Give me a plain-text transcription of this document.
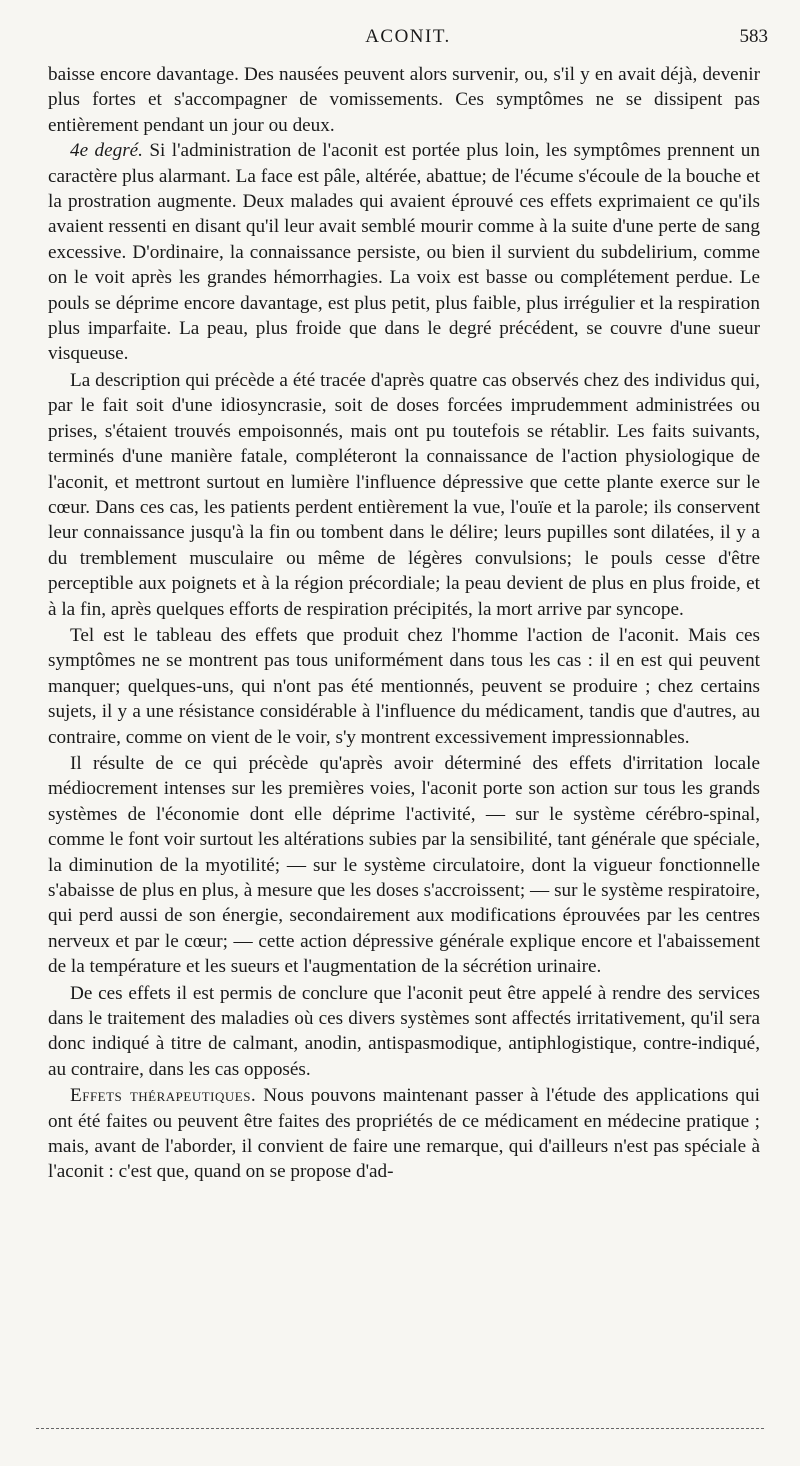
ACONIT.	583

baisse encore davantage. Des nausées peuvent alors survenir, ou, s'il y en avait déjà, devenir plus fortes et s'accompagner de vomissements. Ces symptômes ne se dissipent pas entièrement pendant un jour ou deux.

4e degré. Si l'administration de l'aconit est portée plus loin, les symptômes prennent un caractère plus alarmant. La face est pâle, altérée, abattue; de l'écume s'écoule de la bouche et la prostration augmente. Deux malades qui avaient éprouvé ces effets exprimaient ce qu'ils avaient ressenti en disant qu'il leur avait semblé mourir comme à la suite d'une perte de sang excessive. D'ordinaire, la connaissance persiste, ou bien il survient du subdelirium, comme on le voit après les grandes hémorrhagies. La voix est basse ou complétement perdue. Le pouls se déprime encore davantage, est plus petit, plus faible, plus irrégulier et la respiration plus imparfaite. La peau, plus froide que dans le degré précédent, se couvre d'une sueur visqueuse.

La description qui précède a été tracée d'après quatre cas observés chez des individus qui, par le fait soit d'une idiosyncrasie, soit de doses forcées imprudemment administrées ou prises, s'étaient trouvés empoisonnés, mais ont pu toutefois se rétablir. Les faits suivants, terminés d'une manière fatale, compléteront la connaissance de l'action physiologique de l'aconit, et mettront surtout en lumière l'influence dépressive que cette plante exerce sur le cœur. Dans ces cas, les patients perdent entièrement la vue, l'ouïe et la parole; ils conservent leur connaissance jusqu'à la fin ou tombent dans le délire; leurs pupilles sont dilatées, il y a du tremblement musculaire ou même de légères convulsions; le pouls cesse d'être perceptible aux poignets et à la région précordiale; la peau devient de plus en plus froide, et à la fin, après quelques efforts de respiration précipités, la mort arrive par syncope.

Tel est le tableau des effets que produit chez l'homme l'action de l'aconit. Mais ces symptômes ne se montrent pas tous uniformément dans tous les cas : il en est qui peuvent manquer; quelques-uns, qui n'ont pas été mentionnés, peuvent se produire ; chez certains sujets, il y a une résistance considérable à l'influence du médicament, tandis que d'autres, au contraire, comme on vient de le voir, s'y montrent excessivement impressionnables.

Il résulte de ce qui précède qu'après avoir déterminé des effets d'irritation locale médiocrement intenses sur les premières voies, l'aconit porte son action sur tous les grands systèmes de l'économie dont elle déprime l'activité, — sur le système cérébro-spinal, comme le font voir surtout les altérations subies par la sensibilité, tant générale que spéciale, la diminution de la myotilité; — sur le système circulatoire, dont la vigueur fonctionnelle s'abaisse de plus en plus, à mesure que les doses s'accroissent; — sur le système respiratoire, qui perd aussi de son énergie, secondairement aux modifications éprouvées par les centres nerveux et par le cœur; — cette action dépressive générale explique encore et l'abaissement de la température et les sueurs et l'augmentation de la sécrétion urinaire.

De ces effets il est permis de conclure que l'aconit peut être appelé à rendre des services dans le traitement des maladies où ces divers systèmes sont affectés irritativement, qu'il sera donc indiqué à titre de calmant, anodin, antispasmodique, antiphlogistique, contre-indiqué, au contraire, dans les cas opposés.

Effets thérapeutiques. Nous pouvons maintenant passer à l'étude des applications qui ont été faites ou peuvent être faites des propriétés de ce médicament en médecine pratique ; mais, avant de l'aborder, il convient de faire une remarque, qui d'ailleurs n'est pas spéciale à l'aconit : c'est que, quand on se propose d'ad-
